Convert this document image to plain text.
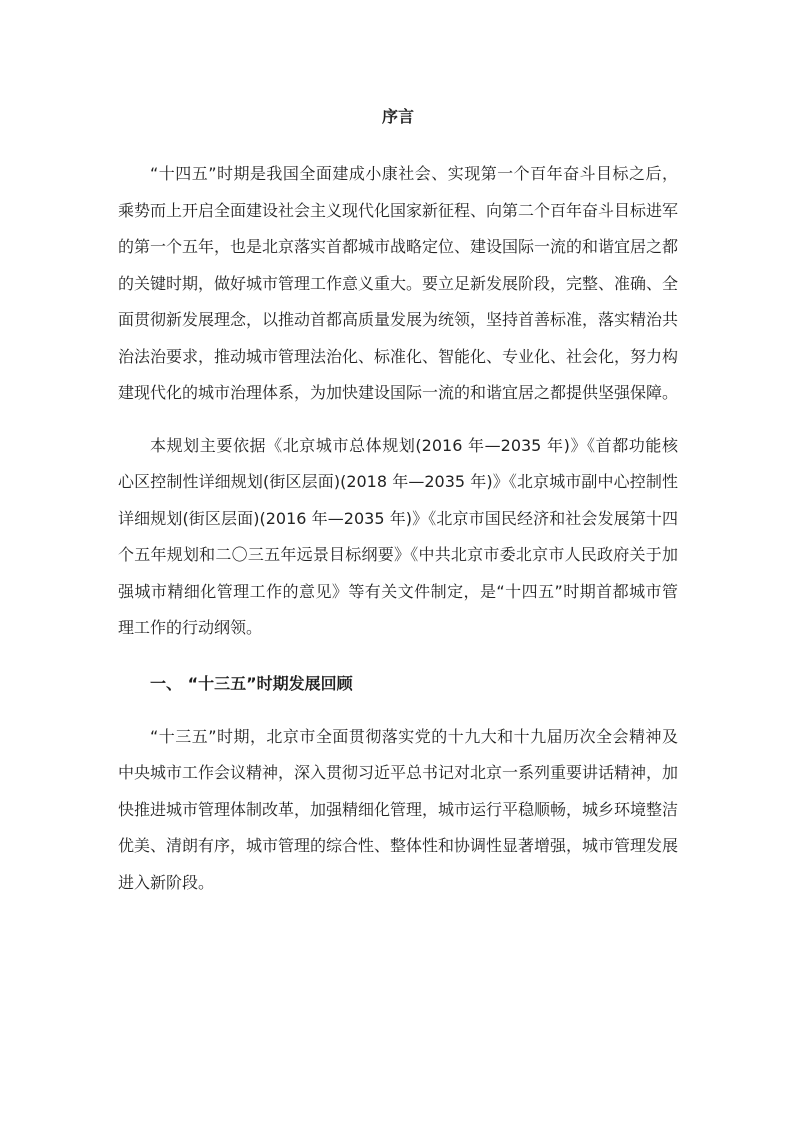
序言

“十四五”时期是我国全面建成小康社会、实现第一个百年奋斗目标之后，乘势而上开启全面建设社会主义现代化国家新征程、向第二个百年奋斗目标进军的第一个五年，也是北京落实首都城市战略定位、建设国际一流的和谐宜居之都的关键时期，做好城市管理工作意义重大。要立足新发展阶段，完整、准确、全面贯彻新发展理念，以推动首都高质量发展为统领，坚持首善标准，落实精治共治法治要求，推动城市管理法治化、标准化、智能化、专业化、社会化，努力构建现代化的城市治理体系，为加快建设国际一流的和谐宜居之都提供坚强保障。

本规划主要依据《北京城市总体规划(2016 年—2035 年)》《首都功能核心区控制性详细规划(街区层面)(2018 年—2035 年)》《北京城市副中心控制性详细规划(街区层面)(2016 年—2035 年)》《北京市国民经济和社会发展第十四个五年规划和二〇三五年远景目标纲要》《中共北京市委北京市人民政府关于加强城市精细化管理工作的意见》等有关文件制定，是“十四五”时期首都城市管理工作的行动纲领。

一、 “十三五”时期发展回顾

“十三五”时期，北京市全面贯彻落实党的十九大和十九届历次全会精神及中央城市工作会议精神，深入贯彻习近平总书记对北京一系列重要讲话精神，加快推进城市管理体制改革，加强精细化管理，城市运行平稳顺畅，城乡环境整洁优美、清朗有序，城市管理的综合性、整体性和协调性显著增强，城市管理发展进入新阶段。
